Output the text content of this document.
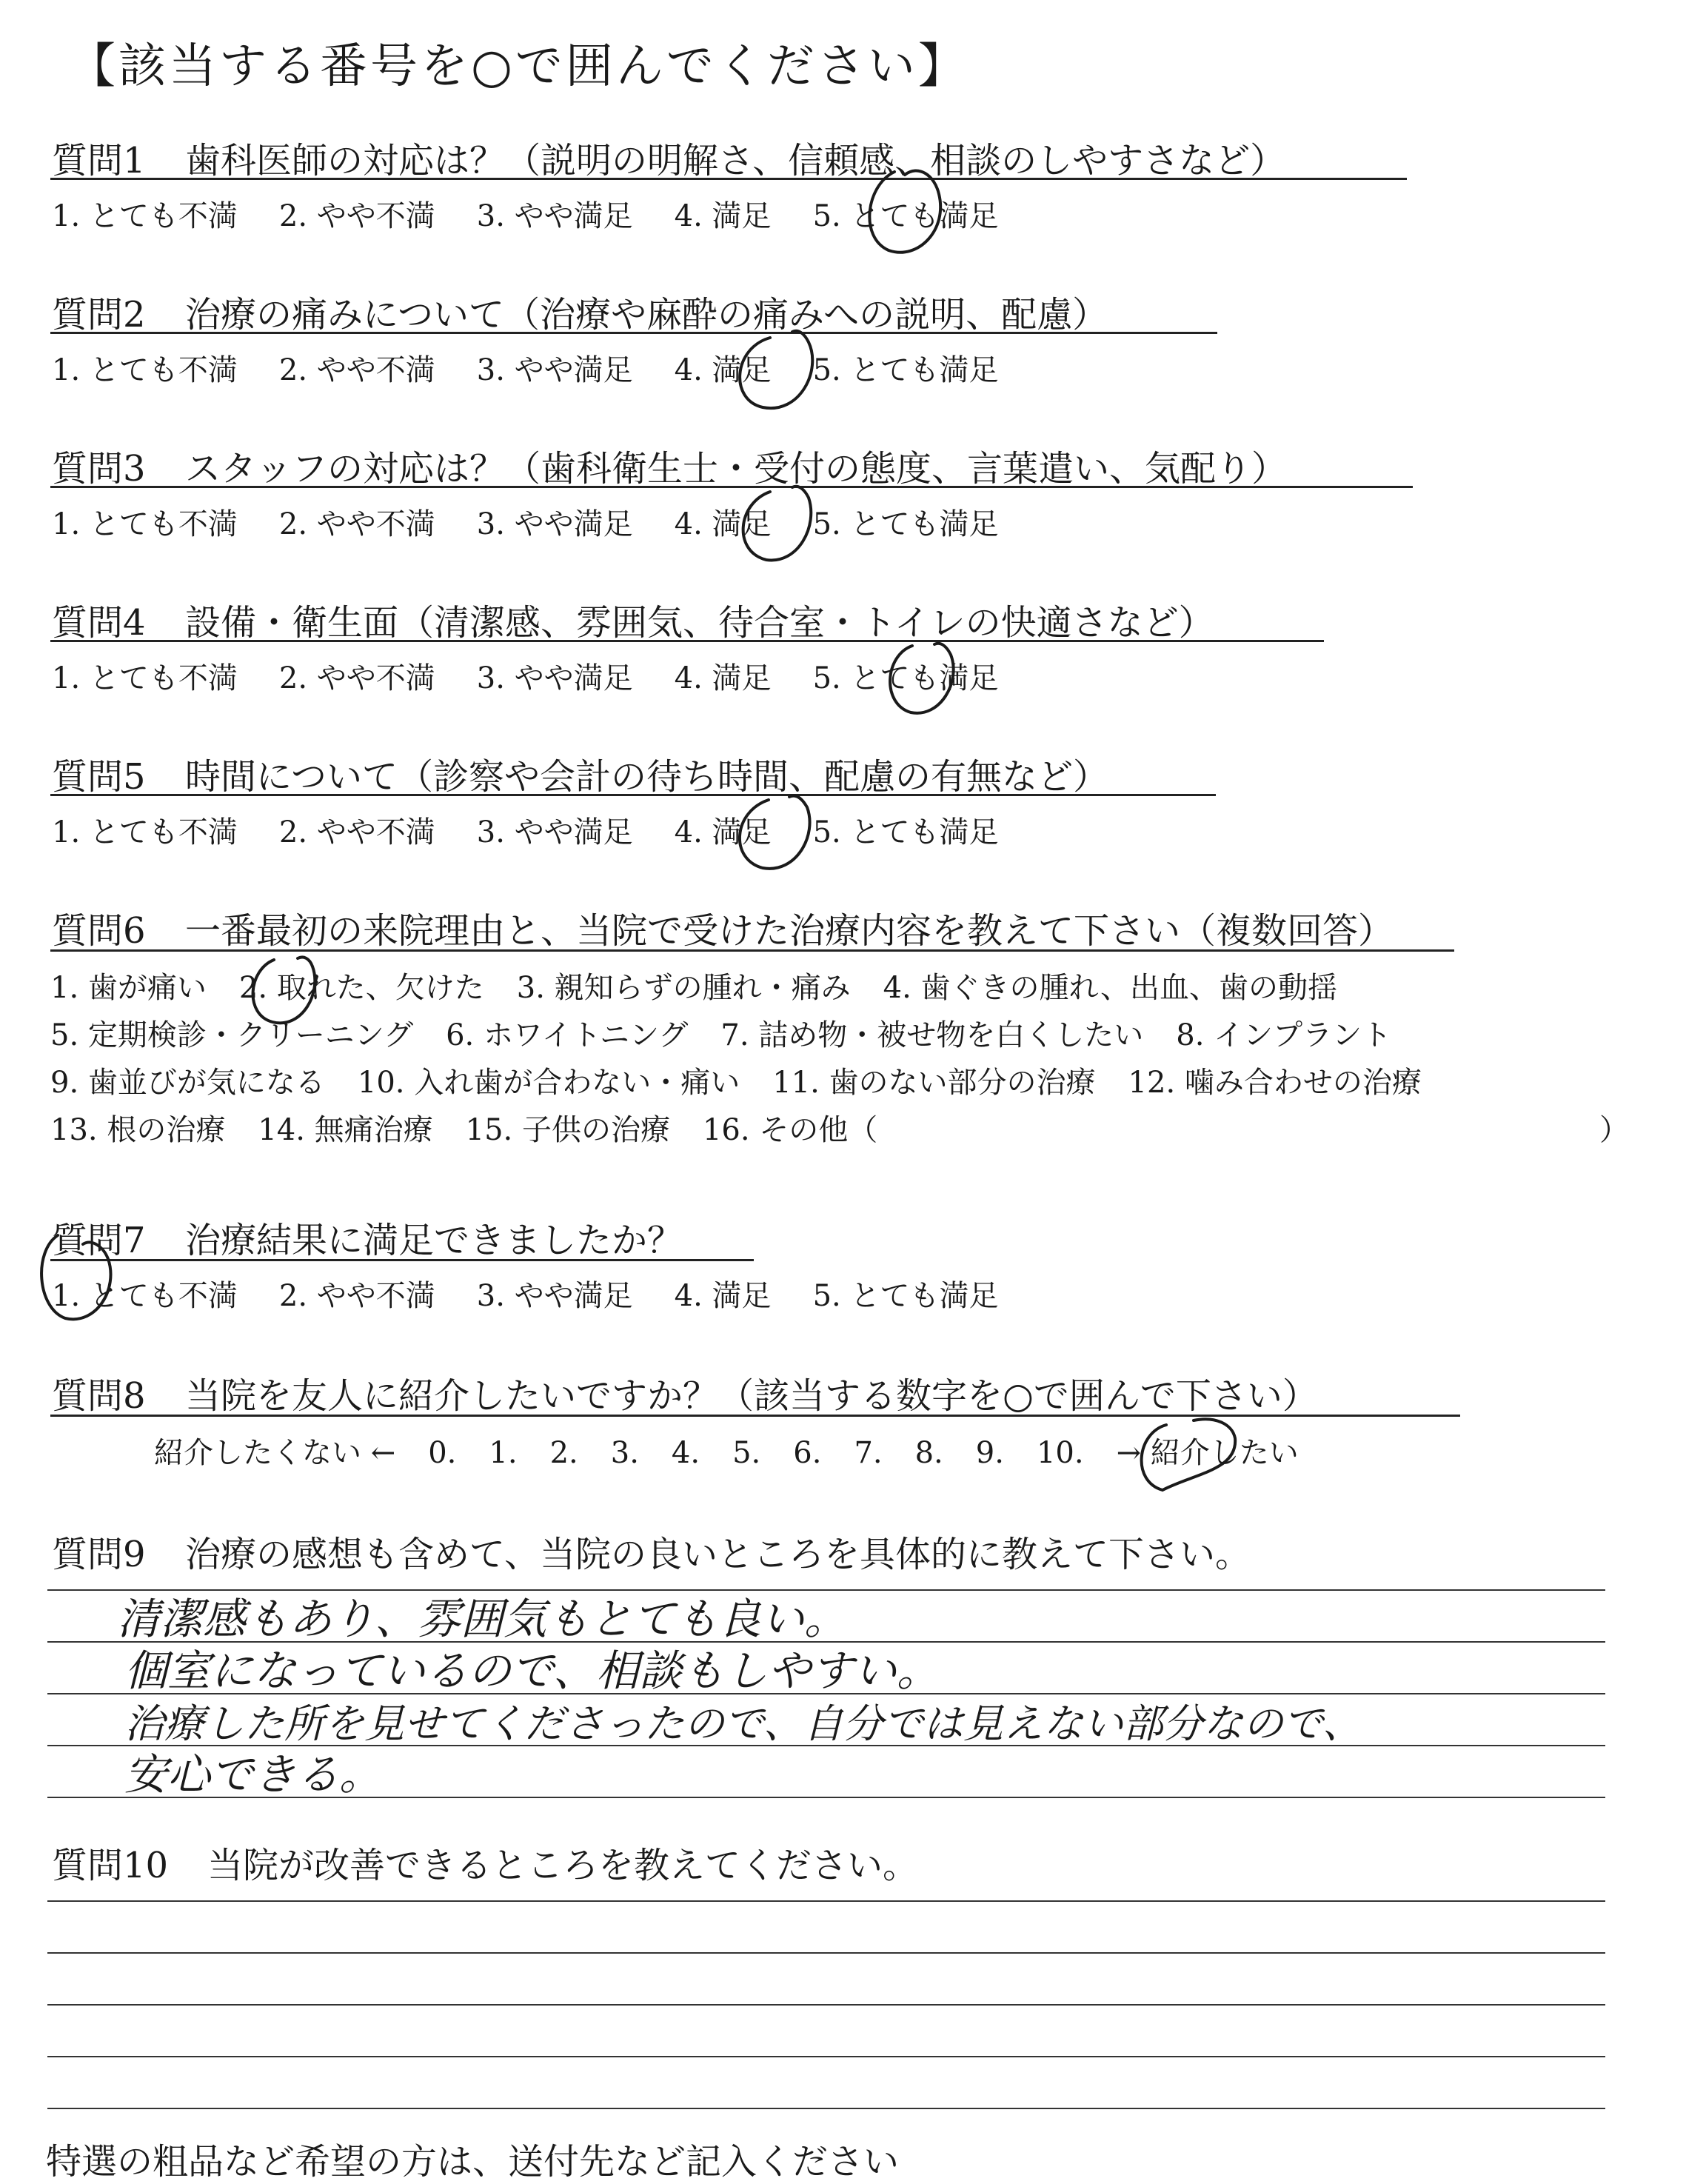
【該当する番号を○で囲んでください】
質問1 歯科医師の対応は？（説明の明解さ、信頼感、相談のしやすさなど）
1. とても不満 2. やや不満 3. やや満足 4. 満足 5. とても満足
質問2 治療の痛みについて（治療や麻酔の痛みへの説明、配慮）
1. とても不満 2. やや不満 3. やや満足 4. 満足 5. とても満足
質問3 スタッフの対応は？（歯科衛生士・受付の態度、言葉遣い、気配り）
1. とても不満 2. やや不満 3. やや満足 4. 満足 5. とても満足
質問4 設備・衛生面（清潔感、雰囲気、待合室・トイレの快適さなど）
1. とても不満 2. やや不満 3. やや満足 4. 満足 5. とても満足
質問5 時間について（診察や会計の待ち時間、配慮の有無など）
1. とても不満 2. やや不満 3. やや満足 4. 満足 5. とても満足
質問6 一番最初の来院理由と、当院で受けた治療内容を教えて下さい（複数回答）
1. 歯が痛い 2. 取れた、欠けた 3. 親知らずの腫れ・痛み 4. 歯ぐきの腫れ、出血、歯の動揺
5. 定期検診・クリーニング 6. ホワイトニング 7. 詰め物・被せ物を白くしたい 8. インプラント
9. 歯並びが気になる 10. 入れ歯が合わない・痛い 11. 歯のない部分の治療 12. 噛み合わせの治療
13. 根の治療 14. 無痛治療 15. 子供の治療 16. その他（	）
質問7 治療結果に満足できましたか？
1. とても不満 2. やや不満 3. やや満足 4. 満足 5. とても満足
質問8 当院を友人に紹介したいですか？（該当する数字を○で囲んで下さい）
紹介したくない ← 0. 1. 2. 3. 4. 5. 6. 7. 8. 9. 10. → 紹介したい
質問9 治療の感想も含めて、当院の良いところを具体的に教えて下さい。
質問10 当院が改善できるところを教えてください。
特選の粗品など希望の方は、送付先など記入ください
清潔感もあり、雰囲気もとても良い。
個室になっているので、相談もしやすい。
治療した所を見せてくださったので、自分では見えない部分なので、
安心できる。
